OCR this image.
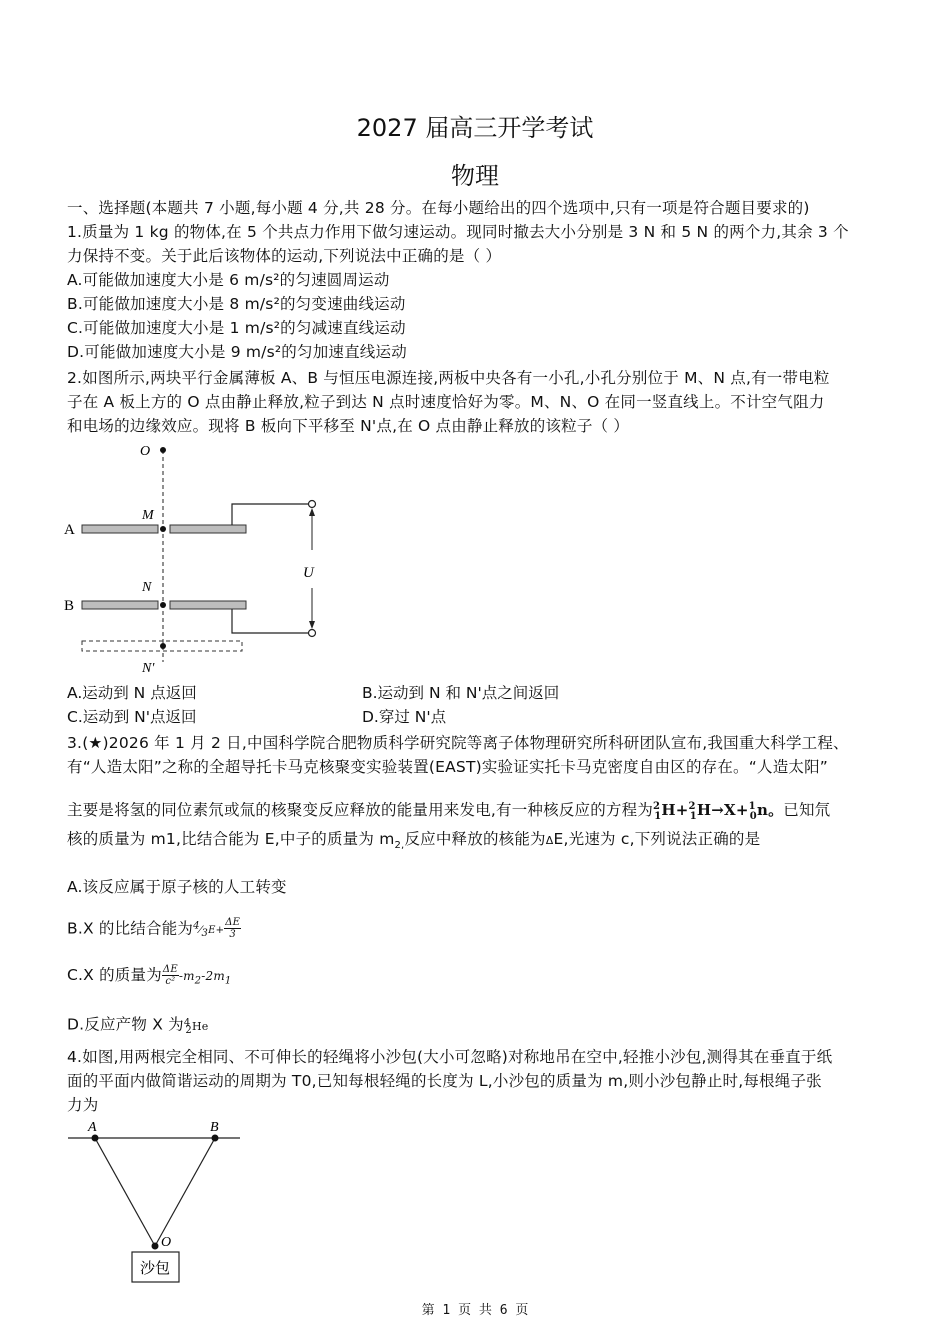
2027 届高三开学考试
物理
一、选择题(本题共 7 小题,每小题 4 分,共 28 分。在每小题给出的四个选项中,只有一项是符合题目要求的)
1.质量为 1 kg 的物体,在 5 个共点力作用下做匀速运动。现同时撤去大小分别是 3 N 和 5 N 的两个力,其余 3 个
力保持不变。关于此后该物体的运动,下列说法中正确的是（ ）
A.可能做加速度大小是 6 m/s²的匀速圆周运动
B.可能做加速度大小是 8 m/s²的匀变速曲线运动
C.可能做加速度大小是 1 m/s²的匀减速直线运动
D.可能做加速度大小是 9 m/s²的匀加速直线运动
2.如图所示,两块平行金属薄板 A、B 与恒压电源连接,两板中央各有一小孔,小孔分别位于 M、N 点,有一带电粒
子在 A 板上方的 O 点由静止释放,粒子到达 N 点时速度恰好为零。M、N、O 在同一竖直线上。不计空气阻力
和电场的边缘效应。现将 B 板向下平移至 N'点,在 O 点由静止释放的该粒子（ ）
O
M
A
N
B
U
N'
A.运动到 N 点返回	B.运动到 N 和 N'点之间返回
C.运动到 N'点返回	D.穿过 N'点
3.(★)2026 年 1 月 2 日,中国科学院合肥物质科学研究院等离子体物理研究所科研团队宣布,我国重大科学工程、
有“人造太阳”之称的全超导托卡马克核聚变实验装置(EAST)实验证实托卡马克密度自由区的存在。“人造太阳”
主要是将氢的同位素氘或氚的核聚变反应释放的能量用来发电,有一种核反应的方程为$^2_1$H+$^2_1$H→X+$^1_0$n。已知氘
核的质量为 m1,比结合能为 E,中子的质量为 $m_{2,}$反应中释放的核能为ΔE,光速为 c,下列说法正确的是
A.该反应属于原子核的人工转变
B.X 的比结合能为$^4⁄_3E+ \frac{\Delta E}{3}$
C.X 的质量为 $\frac{\Delta E}{\text{c²}} -m_2-2m_1$
D.反应产物 X 为$^4_2$He
4.如图,用两根完全相同、不可伸长的轻绳将小沙包(大小可忽略)对称地吊在空中,轻推小沙包,测得其在垂直于纸
面的平面内做简谐运动的周期为 T0,已知每根轻绳的长度为 L,小沙包的质量为 m,则小沙包静止时,每根绳子张
力为
A	B
O
沙包
第 1 页 共 6 页
